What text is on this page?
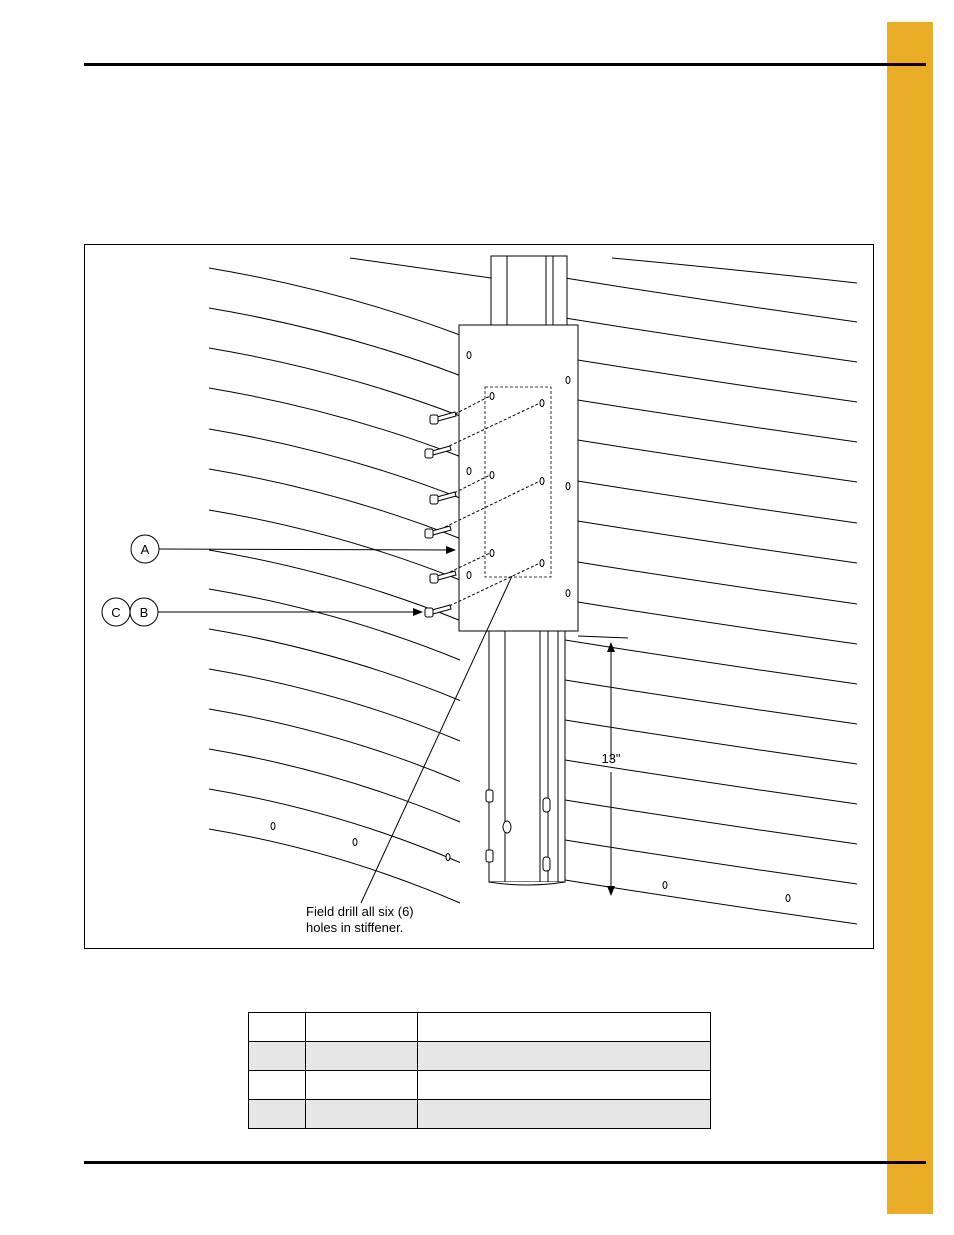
A
C B
13"
Field drill all six (6)
holes in stiffener.
